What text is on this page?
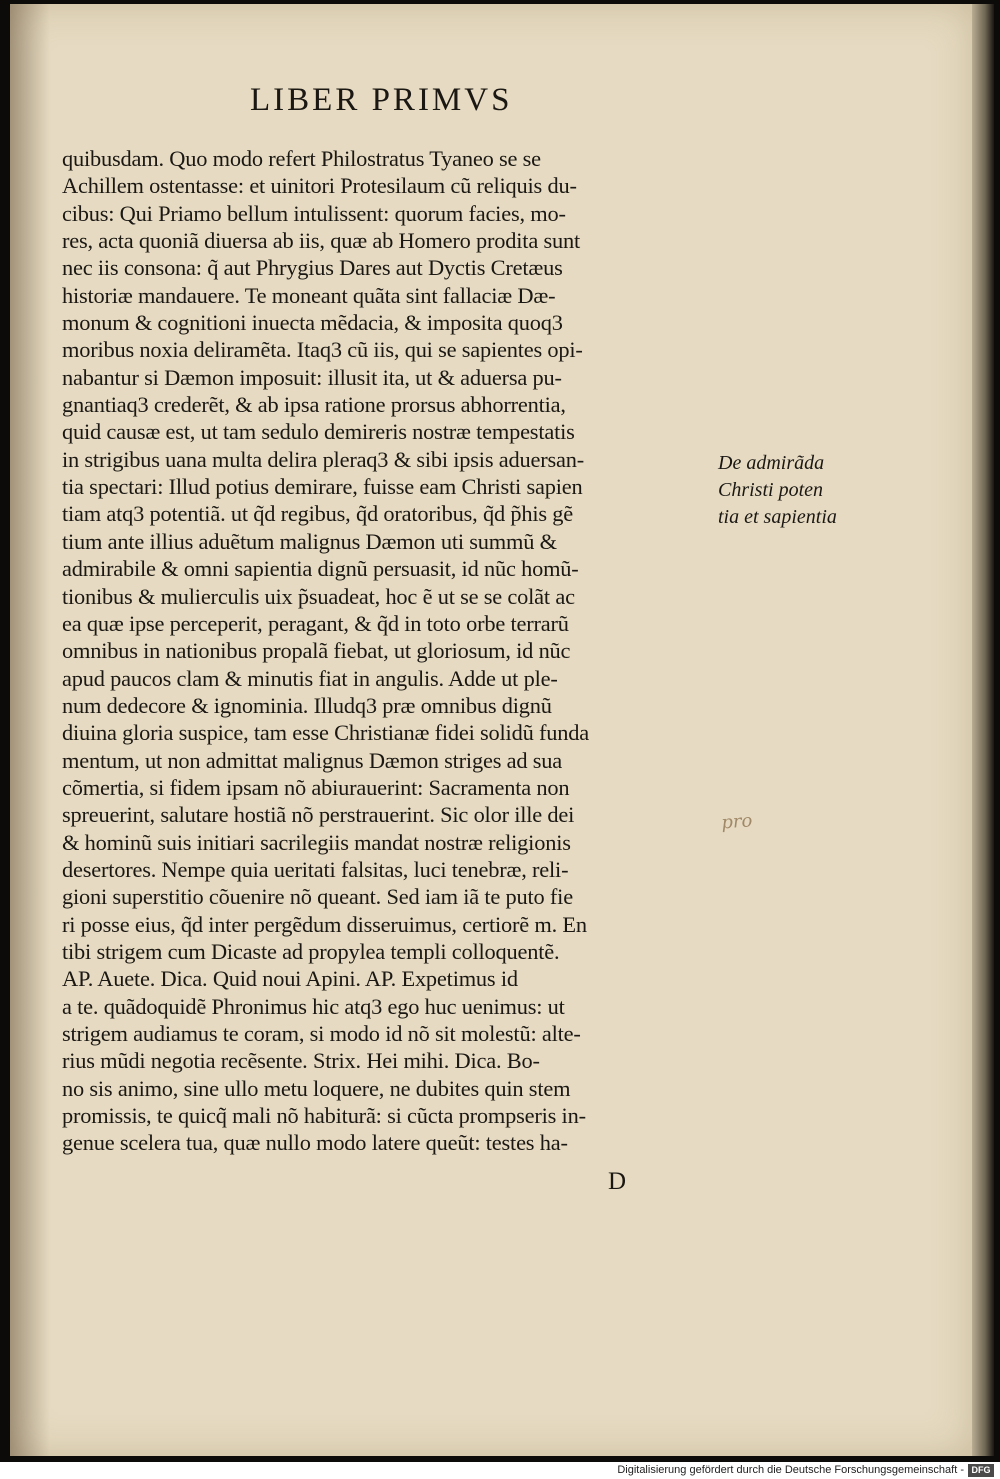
LIBER PRIMVS
quibusdam. Quo modo refert Philostratus Tyaneo se se
Achillem ostentasse: et uinitori Protesilaum cũ reliquis du-
cibus: Qui Priamo bellum intulissent: quorum facies, mo-
res, acta quoniã diuersa ab iis, quæ ab Homero prodita sunt
nec iis consona: q̃ aut Phrygius Dares aut Dyctis Cretæus
historiæ mandauere. Te moneant quãta sint fallaciæ Dæ-
monum & cognitioni inuecta mẽdacia, & imposita quoq3
moribus noxia deliramẽta. Itaq3 cũ iis, qui se sapientes opi-
nabantur si Dæmon imposuit: illusit ita, ut & aduersa pu-
gnantiaq3 crederẽt, & ab ipsa ratione prorsus abhorrentia,
quid causæ est, ut tam sedulo demireris nostræ tempestatis
in strigibus uana multa delira pleraq3 & sibi ipsis aduersan-
tia spectari: Illud potius demirare, fuisse eam Christi sapien
tiam atq3 potentiã. ut q̃d regibus, q̃d oratoribus, q̃d p̃his gẽ
tium ante illius aduẽtum malignus Dæmon uti summũ &
admirabile & omni sapientia dignũ persuasit, id nũc homũ-
tionibus & mulierculis uix p̃suadeat, hoc ẽ ut se se colãt ac
ea quæ ipse perceperit, peragant, & q̃d in toto orbe terrarũ
omnibus in nationibus propalã fiebat, ut gloriosum, id nũc
apud paucos clam & minutis fiat in angulis. Adde ut ple-
num dedecore & ignominia. Illudq3 præ omnibus dignũ
diuina gloria suspice, tam esse Christianæ fidei solidũ funda
mentum, ut non admittat malignus Dæmon striges ad sua
cõmertia, si fidem ipsam nõ abiurauerint: Sacramenta non
spreuerint, salutare hostiã nõ perstrauerint. Sic olor ille dei
& hominũ suis initiari sacrilegiis mandat nostræ religionis
desertores. Nempe quia ueritati falsitas, luci tenebræ, reli-
gioni superstitio cõuenire nõ queant. Sed iam iã te puto fie
ri posse eius, q̃d inter pergẽdum disseruimus, certiorẽ m. En
tibi strigem cum Dicaste ad propylea templi colloquentẽ.
AP. Auete. Dica. Quid noui Apini. AP. Expetimus id
a te. quãdoquidẽ Phronimus hic atq3 ego huc uenimus: ut
strigem audiamus te coram, si modo id nõ sit molestũ: alte-
rius mũdi negotia recẽsente. Strix. Hei mihi. Dica. Bo-
no sis animo, sine ullo metu loquere, ne dubites quin stem
promissis, te quicq̃ mali nõ habiturã: si cũcta prompseris in-
genue scelera tua, quæ nullo modo latere queũt: testes ha-
D
De admirãda
Christi poten
tia et sapientia
pro
Digitalisierung gefördert durch die Deutsche Forschungsgemeinschaft - DFG
